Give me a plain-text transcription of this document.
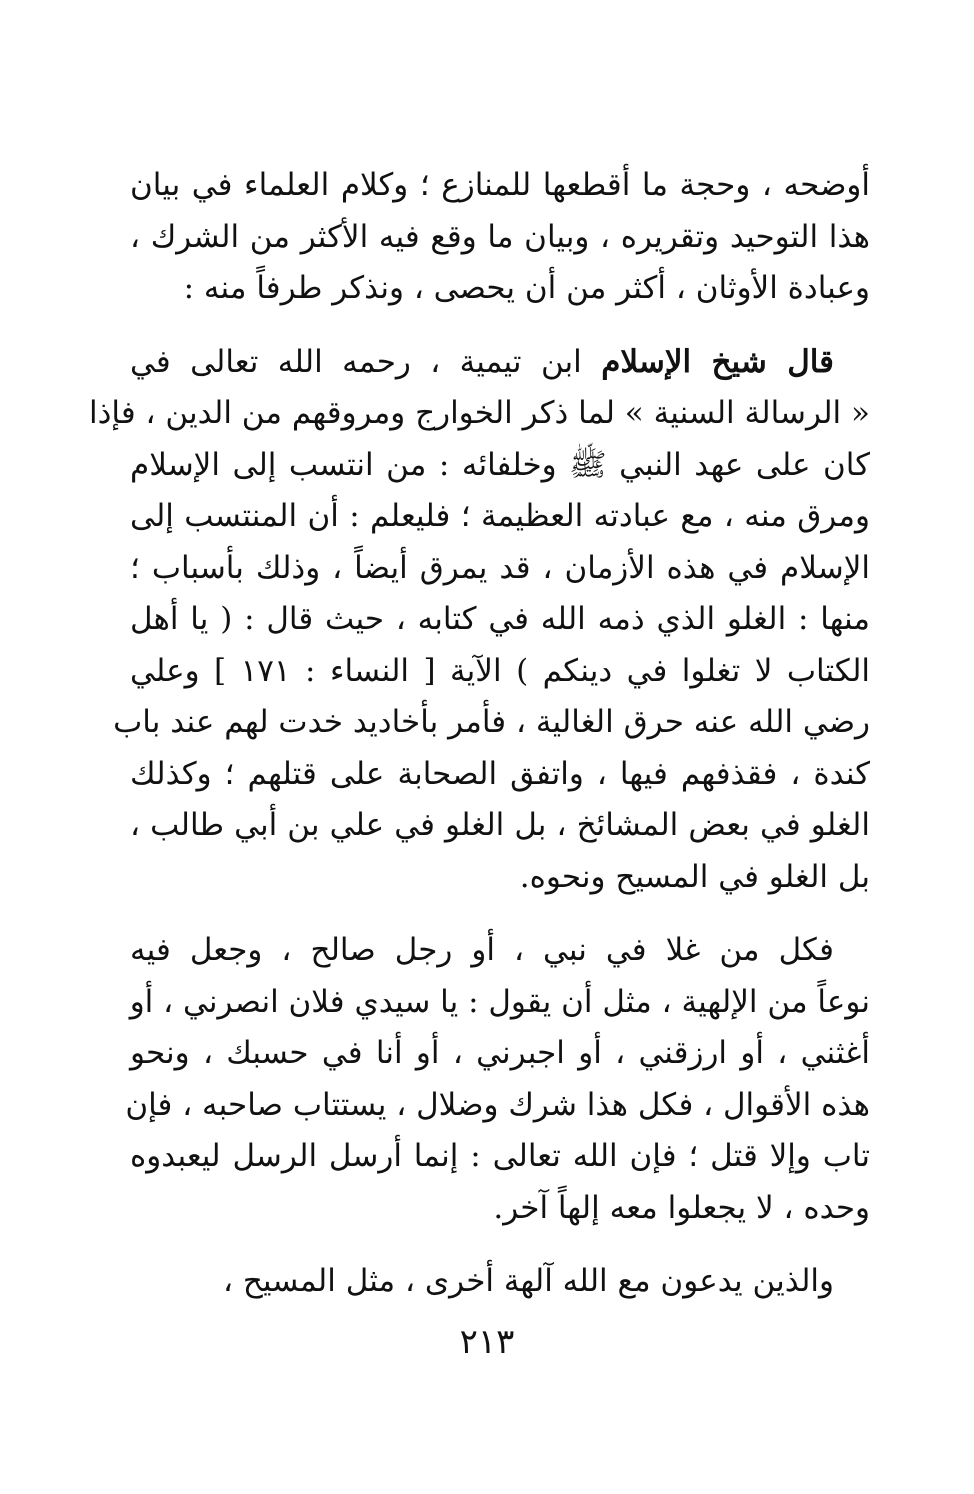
أوضحه ، وحجة ما أقطعها للمنازع ؛ وكلام العلماء في بيان
هذا التوحيد وتقريره ، وبيان ما وقع فيه الأكثر من الشرك ،
وعبادة الأوثان ، أكثر من أن يحصى ، ونذكر طرفاً منه :

قال شيخ الإسلام ابن تيمية ، رحمه الله تعالى في
« الرسالة السنية » لما ذكر الخوارج ومروقهم من الدين ، فإذا
كان على عهد النبي ﷺ وخلفائه : من انتسب إلى الإسلام
ومرق منه ، مع عبادته العظيمة ؛ فليعلم : أن المنتسب إلى
الإسلام في هذه الأزمان ، قد يمرق أيضاً ، وذلك بأسباب ؛
منها : الغلو الذي ذمه الله في كتابه ، حيث قال : ( يا أهل
الكتاب لا تغلوا في دينكم ) الآية [ النساء : ١٧١ ] وعلي
رضي الله عنه حرق الغالية ، فأمر بأخاديد خدت لهم عند باب
كندة ، فقذفهم فيها ، واتفق الصحابة على قتلهم ؛ وكذلك
الغلو في بعض المشائخ ، بل الغلو في علي بن أبي طالب ،
بل الغلو في المسيح ونحوه.

فكل من غلا في نبي ، أو رجل صالح ، وجعل فيه
نوعاً من الإلهية ، مثل أن يقول : يا سيدي فلان انصرني ، أو
أغثني ، أو ارزقني ، أو اجبرني ، أو أنا في حسبك ، ونحو
هذه الأقوال ، فكل هذا شرك وضلال ، يستتاب صاحبه ، فإن
تاب وإلا قتل ؛ فإن الله تعالى : إنما أرسل الرسل ليعبدوه
وحده ، لا يجعلوا معه إلهاً آخر.

والذين يدعون مع الله آلهة أخرى ، مثل المسيح ،

٢١٣
